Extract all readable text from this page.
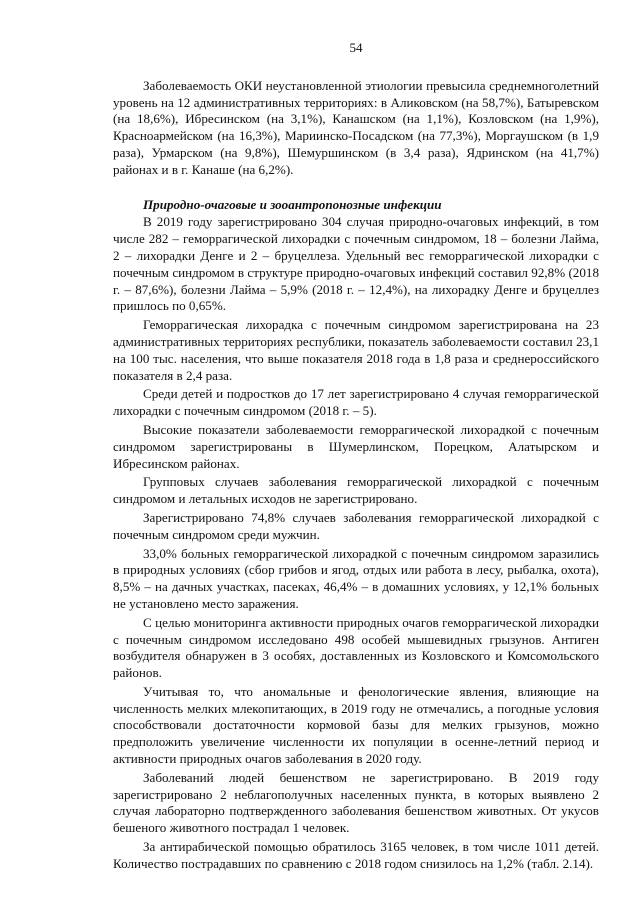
54

Заболеваемость ОКИ неустановленной этиологии превысила среднемноголетний уровень на 12 административных территориях: в Аликовском (на 58,7%), Батыревском (на 18,6%), Ибресинском (на 3,1%), Канашском (на 1,1%), Козловском (на 1,9%), Красноармейском (на 16,3%), Мариинско-Посадском (на 77,3%), Моргаушском (в 1,9 раза), Урмарском (на 9,8%), Шемуршинском (в 3,4 раза), Ядринском (на 41,7%) районах и в г. Канаше (на 6,2%).

Природно-очаговые и зооантропонозные инфекции

В 2019 году зарегистрировано 304 случая природно-очаговых инфекций, в том числе 282 – геморрагической лихорадки с почечным синдромом, 18 – болезни Лайма, 2 – лихорадки Денге и 2 – бруцеллеза. Удельный вес геморрагической лихорадки с почечным синдромом в структуре природно-очаговых инфекций составил 92,8% (2018 г. – 87,6%), болезни Лайма – 5,9% (2018 г. – 12,4%), на лихорадку Денге и бруцеллез пришлось по 0,65%.

Геморрагическая лихорадка с почечным синдромом зарегистрирована на 23 административных территориях республики, показатель заболеваемости составил 23,1 на 100 тыс. населения, что выше показателя 2018 года в 1,8 раза и среднероссийского показателя в 2,4 раза.

Среди детей и подростков до 17 лет зарегистрировано 4 случая геморрагической лихорадки с почечным синдромом (2018 г. – 5).

Высокие показатели заболеваемости геморрагической лихорадкой с почечным синдромом зарегистрированы в Шумерлинском, Порецком, Алатырском и Ибресинском районах.

Групповых случаев заболевания геморрагической лихорадкой с почечным синдромом и летальных исходов не зарегистрировано.

Зарегистрировано 74,8% случаев заболевания геморрагической лихорадкой с почечным синдромом среди мужчин.

33,0% больных геморрагической лихорадкой с почечным синдромом заразились в природных условиях (сбор грибов и ягод, отдых или работа в лесу, рыбалка, охота), 8,5% – на дачных участках, пасеках, 46,4% – в домашних условиях, у 12,1% больных не установлено место заражения.

С целью мониторинга активности природных очагов геморрагической лихорадки с почечным синдромом исследовано 498 особей мышевидных грызунов. Антиген возбудителя обнаружен в 3 особях, доставленных из Козловского и Комсомольского районов.

Учитывая то, что аномальные и фенологические явления, влияющие на численность мелких млекопитающих, в 2019 году не отмечались, а погодные условия способствовали достаточности кормовой базы для мелких грызунов, можно предположить увеличение численности их популяции в осенне-летний период и активности природных очагов заболевания в 2020 году.

Заболеваний людей бешенством не зарегистрировано. В 2019 году зарегистрировано 2 неблагополучных населенных пункта, в которых выявлено 2 случая лабораторно подтвержденного заболевания бешенством животных. От укусов бешеного животного пострадал 1 человек.

За антирабической помощью обратилось 3165 человек, в том числе 1011 детей. Количество пострадавших по сравнению с 2018 годом снизилось на 1,2% (табл. 2.14).
